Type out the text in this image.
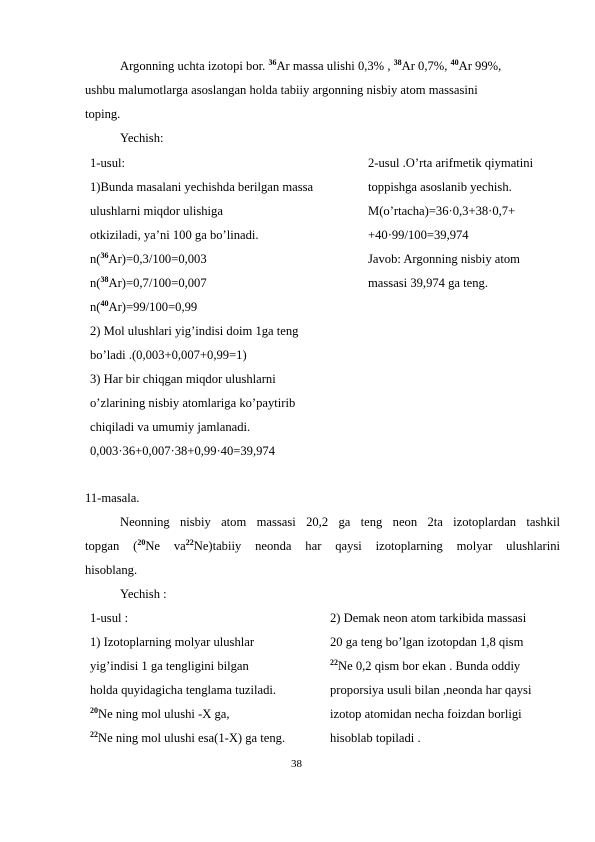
Argonning uchta izotopi bor. $^{36}$Ar massa ulishi 0,3% , $^{38}$Ar 0,7%, $^{40}$Ar 99%,
ushbu malumotlarga asoslangan holda tabiiy argonning nisbiy atom massasini
toping.
Yechish:
1-usul:
1)Bunda masalani yechishda berilgan massa
ulushlarni miqdor ulishiga
otkiziladi, ya’ni 100 ga bo’linadi.
n($^{36}$Ar)=0,3/100=0,003
n($^{38}$Ar)=0,7/100=0,007
n($^{40}$Ar)=99/100=0,99
2) Mol ulushlari yig’indisi doim 1ga teng
bo’ladi .(0,003+0,007+0,99=1)
3) Har bir chiqgan miqdor ulushlarni
o’zlarining nisbiy atomlariga ko’paytirib
chiqiladi va umumiy jamlanadi.
0,003·36+0,007·38+0,99·40=39,974
2-usul .O’rta arifmetik qiymatini
toppishga asoslanib yechish.
M(o’rtacha)=36·0,3+38·0,7+
+40·99/100=39,974
Javob: Argonning nisbiy atom
massasi 39,974 ga teng.
11-masala.
Neonning nisbiy atom massasi 20,2 ga teng neon 2ta izotoplardan tashkil
topgan ($^{20}$Ne $va^{22}Ne)tabiiy$ neonda har qaysi izotoplarning molyar ulushlarini
hisoblang.
Yechish :
1-usul :
1) Izotoplarning molyar ulushlar
yig’indisi 1 ga tengligini bilgan
holda quyidagicha tenglama tuziladi.
$^{20}$Ne ning mol ulushi -X ga,
$^{22}$Ne ning mol ulushi esa(1-X) ga teng.
2) Demak neon atom tarkibida massasi
20 ga teng bo’lgan izotopdan 1,8 qism
$^{22}$Ne 0,2 qism bor ekan . Bunda oddiy
proporsiya usuli bilan ,neonda har qaysi
izotop atomidan necha foizdan borligi
hisoblab topiladi .
38
